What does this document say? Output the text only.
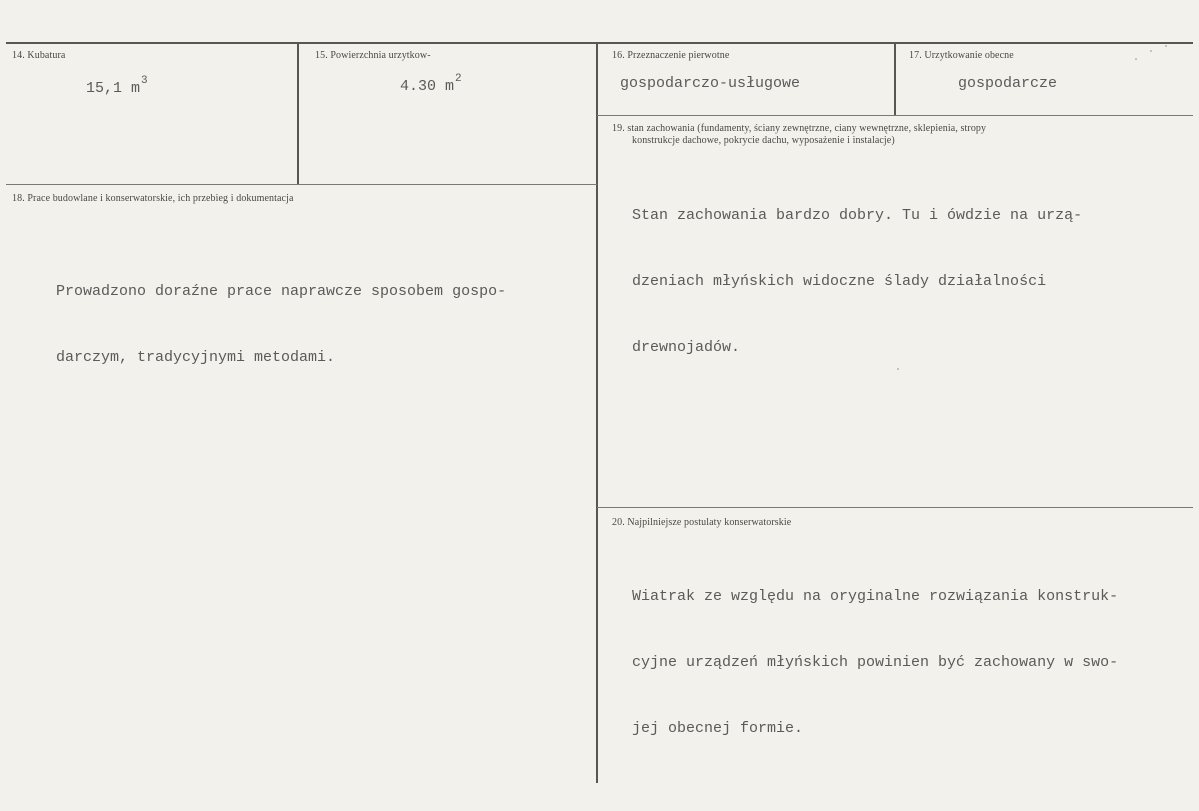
14. Kubatura
15,1 $m^3$
15. Powierzchnia urzytkow-
4.30 $m^2$
16. Przeznaczenie pierwotne
gospodarczo-usługowe
17. Urzytkowanie obecne
gospodarcze
18. Prace budowlane i konserwatorskie, ich przebieg i dokumentacja

Prowadzono doraźne prace naprawcze sposobem gospo-

darczym, tradycyjnymi metodami.

19. stan zachowania (fundamenty, ściany zewnętrzne, ciany wewnętrzne, sklepienia, stropy
konstrukcje dachowe, pokrycie dachu, wyposażenie i instalacje)

Stan zachowania bardzo dobry. Tu i ówdzie na urzą-

dzeniach młyńskich widoczne ślady działalności

drewnojadów.

20. Najpilniejsze postulaty konserwatorskie

Wiatrak ze względu na oryginalne rozwiązania konstruk-

cyjne urządzeń młyńskich powinien być zachowany w swo-

jej obecnej formie.
